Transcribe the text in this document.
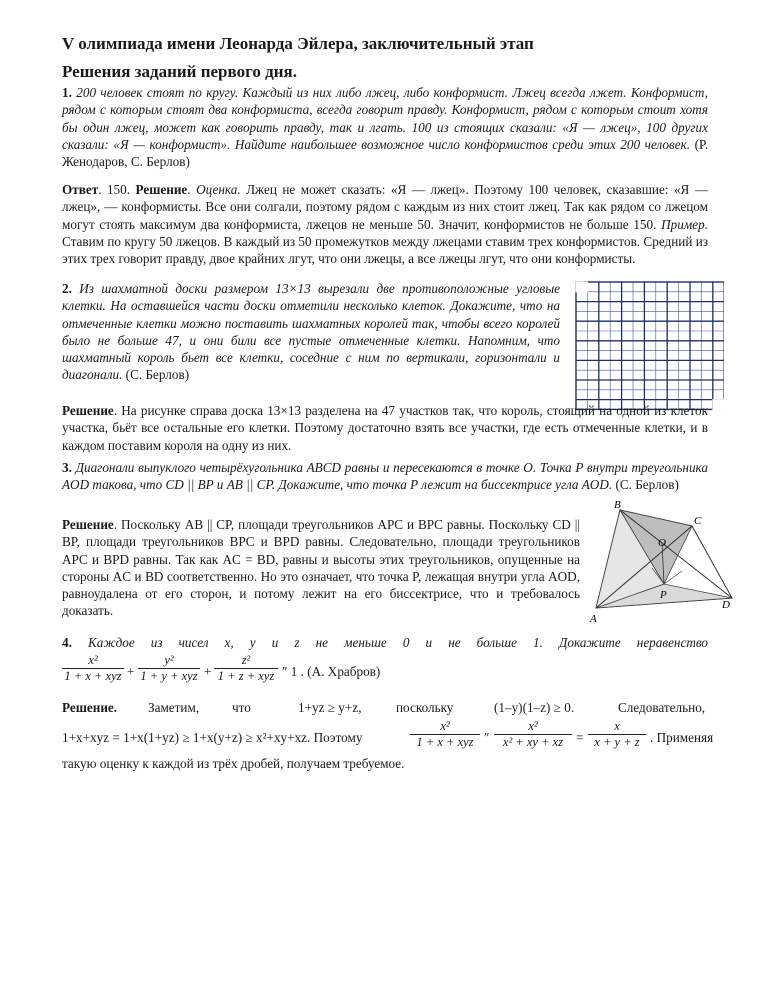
V олимпиада имени Леонарда Эйлера, заключительный этап
Решения заданий первого дня.
1. 200 человек стоят по кругу. Каждый из них либо лжец, либо конформист. Лжец всегда лжет. Конформист, рядом с которым стоят два конформиста, всегда говорит правду. Конформист, рядом с которым стоит хотя бы один лжец, может как говорить правду, так и лгать. 100 из стоящих сказали: «Я — лжец», 100 других сказали: «Я — конформист». Найдите наибольшее возможное число конформистов среди этих 200 человек. (Р. Женодаров, С. Берлов)
Ответ. 150. Решение. Оценка. Лжец не может сказать: «Я — лжец». Поэтому 100 человек, сказавшие: «Я — лжец», — конформисты. Все они солгали, поэтому рядом с каждым из них стоит лжец. Так как рядом со лжецом могут стоять максимум два конформиста, лжецов не меньше 50. Значит, конформистов не больше 150. Пример. Ставим по кругу 50 лжецов. В каждый из 50 промежутков между лжецами ставим трех конформистов. Средний из этих трех говорит правду, двое крайних лгут, что они лжецы, а все лжецы лгут, что они конформисты.
2. Из шахматной доски размером 13×13 вырезали две противоположные угловые клетки. На оставшейся части доски отметили несколько клеток. Докажите, что на отмеченные клетки можно поставить шахматных королей так, чтобы всего королей было не больше 47, и они били все пустые отмеченные клетки. Напомним, что шахматный король бьет все клетки, соседние с ним по вертикали, горизонтали и диагонали. (С. Берлов)
Решение. На рисунке справа доска 13×13 разделена на 47 участков так, что король, стоящий на одной из клеток участка, бьёт все остальные его клетки. Поэтому достаточно взять все участки, где есть отмеченные клетки, и в каждом поставим короля на одну из них.
3. Диагонали выпуклого четырёхугольника ABCD равны и пересекаются в точке O. Точка P внутри треугольника AOD такова, что CD || BP и AB || CP. Докажите, что точка P лежит на биссектрисе угла AOD. (С. Берлов)
Решение. Поскольку AB || CP, площади треугольников APC и BPC равны. Поскольку CD || BP, площади треугольников BPC и BPD равны. Следовательно, площади треугольников APC и BPD равны. Так как AC = BD, равны и высоты этих треугольников, опущенные на стороны AC и BD соответственно. Но это означает, что точка P, лежащая внутри угла AOD, равноудалена от его сторон, и потому лежит на его биссектрисе, что и требовалось доказать.
B
C
O
P
D
A
4. Каждое из чисел x, y и z не меньше 0 и не больше 1. Докажите неравенство
x²
1 + x + xyz +
y²
1 + y + xyz +
z²
1 + z + xyz ″ 1 . (А. Храбров)
Решение. Заметим, что	1+yz ≥ y+z,	поскольку	(1–y)(1–z) ≥ 0.	Следовательно,
1+x+xyz = 1+x(1+yz) ≥ 1+x(y+z) ≥ x²+xy+xz. Поэтому
x²
1 + x + xyz ″ $\frac{\text{x²}}{\text{x² + xy + xz}} = \frac{x}{x + y + z}$ . Применяя
такую оценку к каждой из трёх дробей, получаем требуемое.
